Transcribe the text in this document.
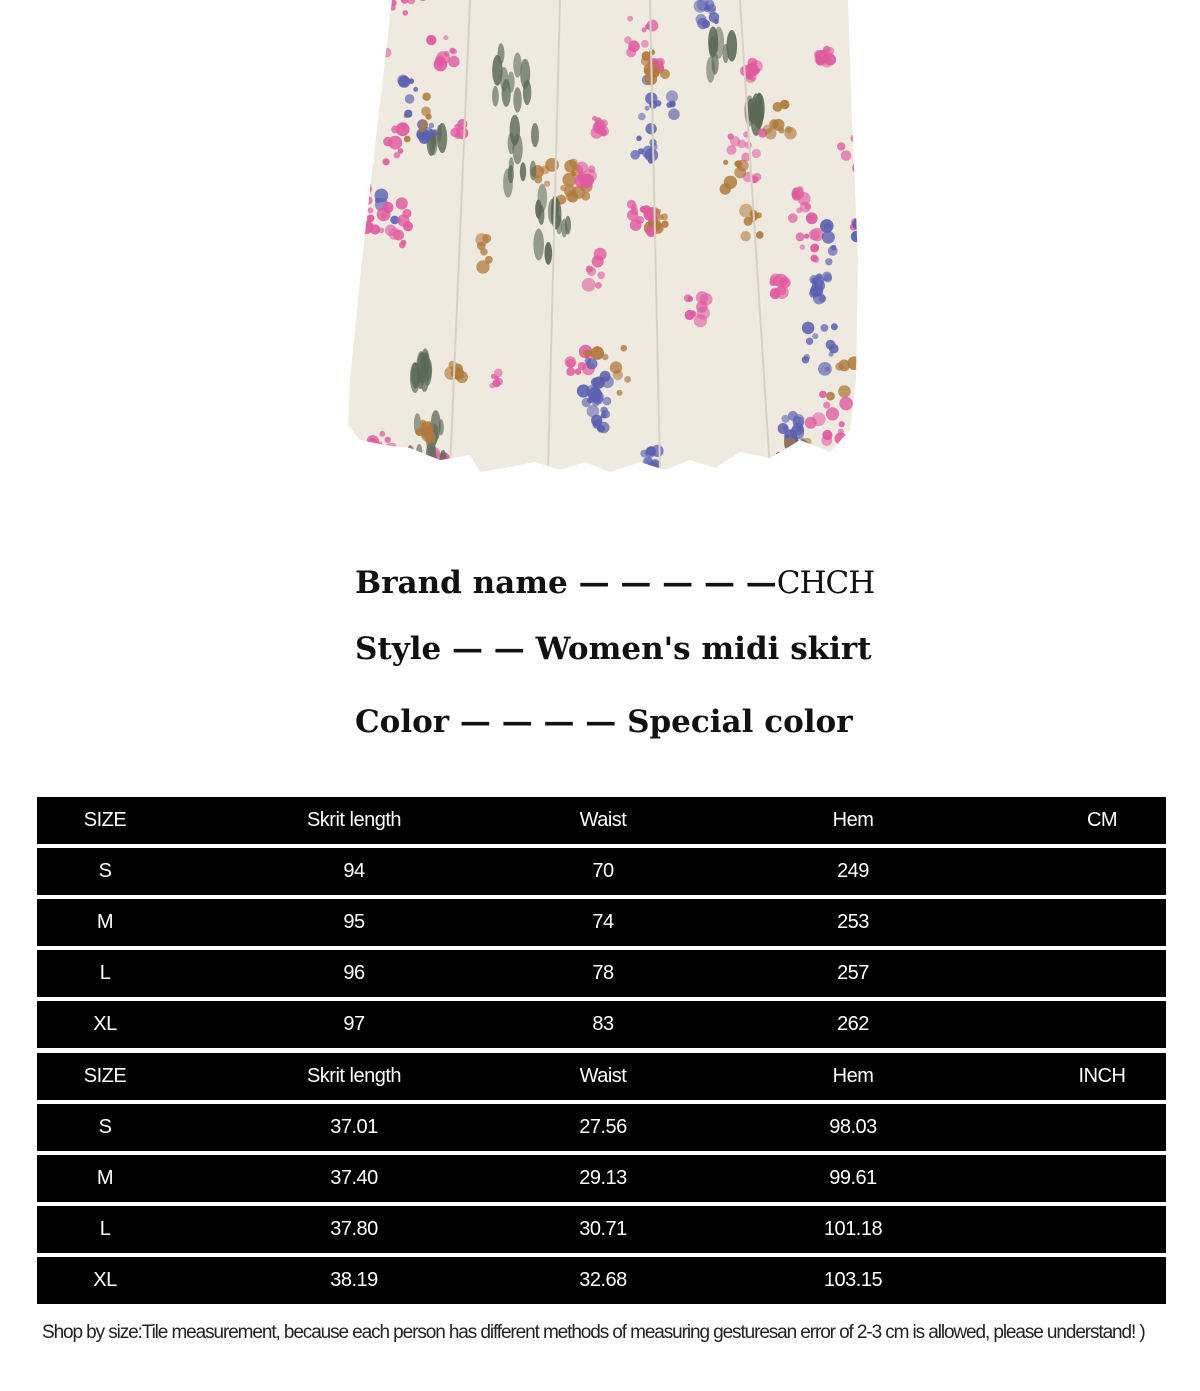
Brand name — — — — —CHCH
Style — — Women's midi skirt
Color — — — — Special color
SIZE	Skrit length	Waist	Hem	CM
S	94	70	249
M	95	74	253
L	96	78	257
XL	97	83	262
SIZE	Skrit length	Waist	Hem	INCH
S	37.01	27.56	98.03
M	37.40	29.13	99.61
L	37.80	30.71	101.18
XL	38.19	32.68	103.15
Shop by size:Tile measurement, because each person has different methods of measuring gesturesan error of 2-3 cm is allowed, please understand! )
